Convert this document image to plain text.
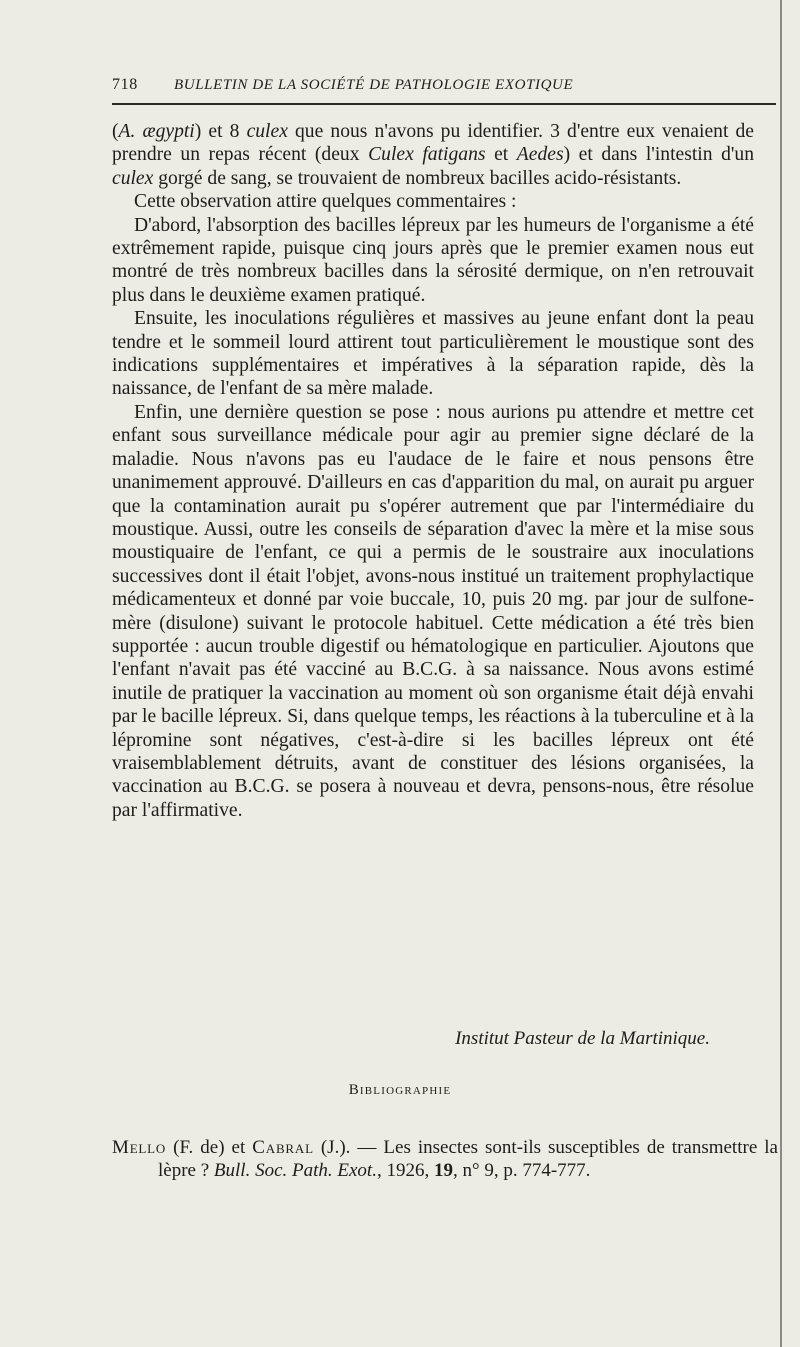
718	BULLETIN DE LA SOCIÉTÉ DE PATHOLOGIE EXOTIQUE

(A. ægypti) et 8 culex que nous n'avons pu identifier. 3 d'entre eux venaient de prendre un repas récent (deux Culex fatigans et Aedes) et dans l'intestin d'un culex gorgé de sang, se trouvaient de nombreux bacilles acido-résistants.

Cette observation attire quelques commentaires :

D'abord, l'absorption des bacilles lépreux par les humeurs de l'organisme a été extrêmement rapide, puisque cinq jours après que le premier examen nous eut montré de très nombreux bacilles dans la sérosité dermique, on n'en retrouvait plus dans le deuxième examen pratiqué.

Ensuite, les inoculations régulières et massives au jeune enfant dont la peau tendre et le sommeil lourd attirent tout particulièrement le moustique sont des indications supplémentaires et impératives à la séparation rapide, dès la naissance, de l'enfant de sa mère malade.

Enfin, une dernière question se pose : nous aurions pu attendre et mettre cet enfant sous surveillance médicale pour agir au premier signe déclaré de la maladie. Nous n'avons pas eu l'audace de le faire et nous pensons être unanimement approuvé. D'ailleurs en cas d'apparition du mal, on aurait pu arguer que la contamination aurait pu s'opérer autrement que par l'intermédiaire du moustique. Aussi, outre les conseils de séparation d'avec la mère et la mise sous moustiquaire de l'enfant, ce qui a permis de le soustraire aux inoculations successives dont il était l'objet, avons-nous institué un traitement prophylactique médicamenteux et donné par voie buccale, 10, puis 20 mg. par jour de sulfone-mère (disulone) suivant le protocole habituel. Cette médication a été très bien supportée : aucun trouble digestif ou hématologique en particulier. Ajoutons que l'enfant n'avait pas été vacciné au B.C.G. à sa naissance. Nous avons estimé inutile de pratiquer la vaccination au moment où son organisme était déjà envahi par le bacille lépreux. Si, dans quelque temps, les réactions à la tuberculine et à la lépromine sont négatives, c'est-à-dire si les bacilles lépreux ont été vraisemblablement détruits, avant de constituer des lésions organisées, la vaccination au B.C.G. se posera à nouveau et devra, pensons-nous, être résolue par l'affirmative.

Institut Pasteur de la Martinique.
Bibliographie
Mello (F. de) et Cabral (J.). — Les insectes sont-ils susceptibles de transmettre la lèpre ? Bull. Soc. Path. Exot., 1926, 19, n° 9, p. 774-777.
